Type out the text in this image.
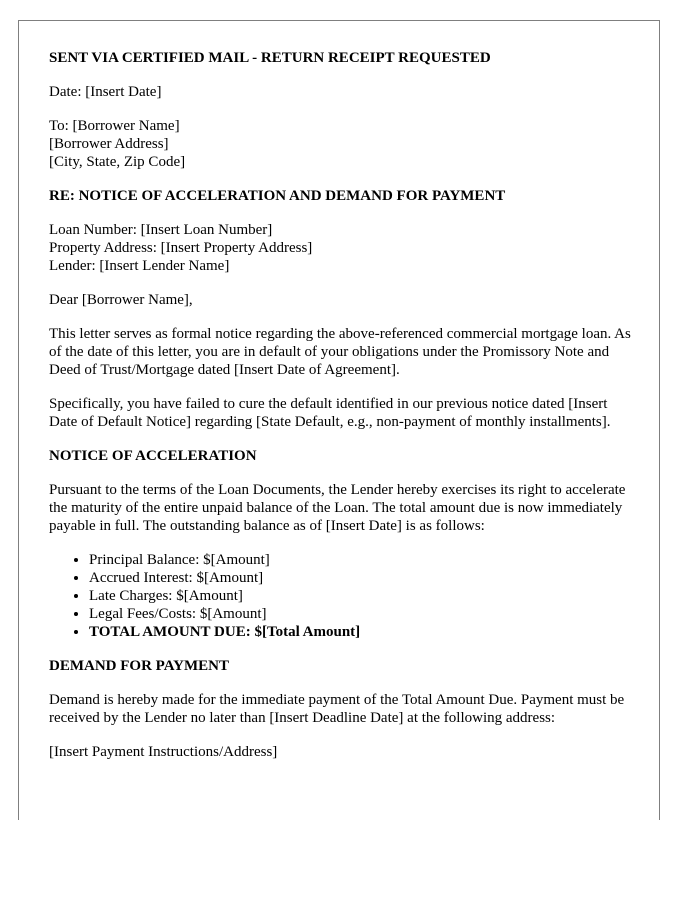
SENT VIA CERTIFIED MAIL - RETURN RECEIPT REQUESTED
Date: [Insert Date]
To: [Borrower Name]
[Borrower Address]
[City, State, Zip Code]
RE: NOTICE OF ACCELERATION AND DEMAND FOR PAYMENT
Loan Number: [Insert Loan Number]
Property Address: [Insert Property Address]
Lender: [Insert Lender Name]
Dear [Borrower Name],
This letter serves as formal notice regarding the above-referenced commercial mortgage loan. As of the date of this letter, you are in default of your obligations under the Promissory Note and Deed of Trust/Mortgage dated [Insert Date of Agreement].
Specifically, you have failed to cure the default identified in our previous notice dated [Insert Date of Default Notice] regarding [State Default, e.g., non-payment of monthly installments].
NOTICE OF ACCELERATION
Pursuant to the terms of the Loan Documents, the Lender hereby exercises its right to accelerate the maturity of the entire unpaid balance of the Loan. The total amount due is now immediately payable in full. The outstanding balance as of [Insert Date] is as follows:
• Principal Balance: $[Amount]
• Accrued Interest: $[Amount]
• Late Charges: $[Amount]
• Legal Fees/Costs: $[Amount]
• TOTAL AMOUNT DUE: $[Total Amount]
DEMAND FOR PAYMENT
Demand is hereby made for the immediate payment of the Total Amount Due. Payment must be received by the Lender no later than [Insert Deadline Date] at the following address:
[Insert Payment Instructions/Address]
